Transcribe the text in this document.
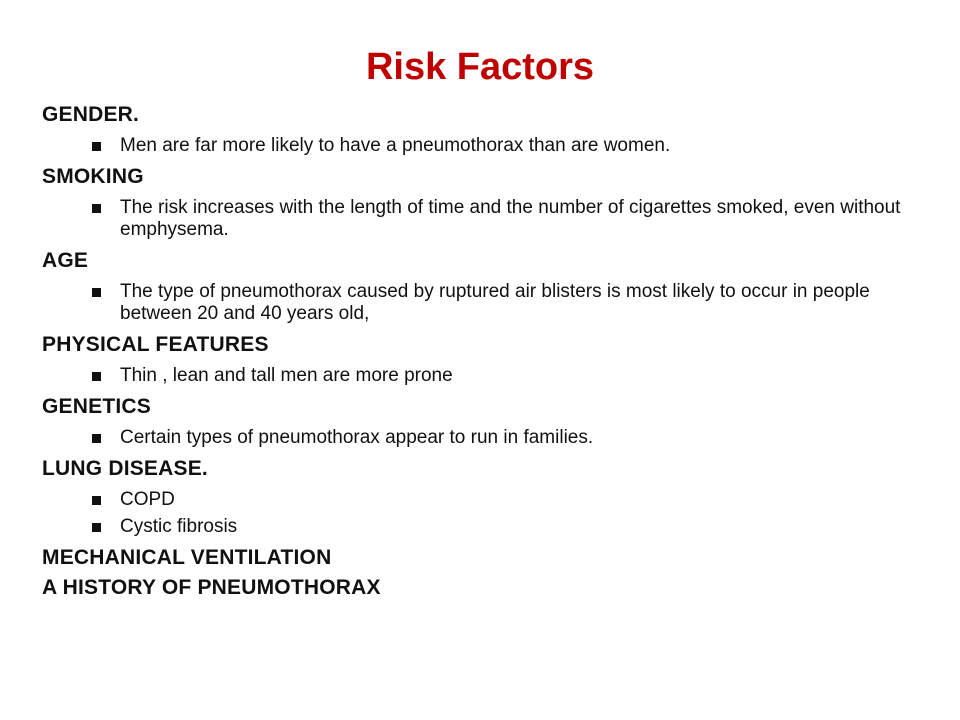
Risk Factors

GENDER.

Men are far more likely to have a pneumothorax than are women.

SMOKING

The risk increases with the length of time and the number of cigarettes smoked, even without emphysema.

AGE

The type of pneumothorax caused by ruptured air blisters is most likely to occur in people between 20 and 40 years old,

PHYSICAL FEATURES

Thin , lean and tall men are more prone

GENETICS

Certain types of pneumothorax appear to run in families.

LUNG DISEASE.

COPD
Cystic fibrosis

MECHANICAL VENTILATION

A HISTORY OF PNEUMOTHORAX
